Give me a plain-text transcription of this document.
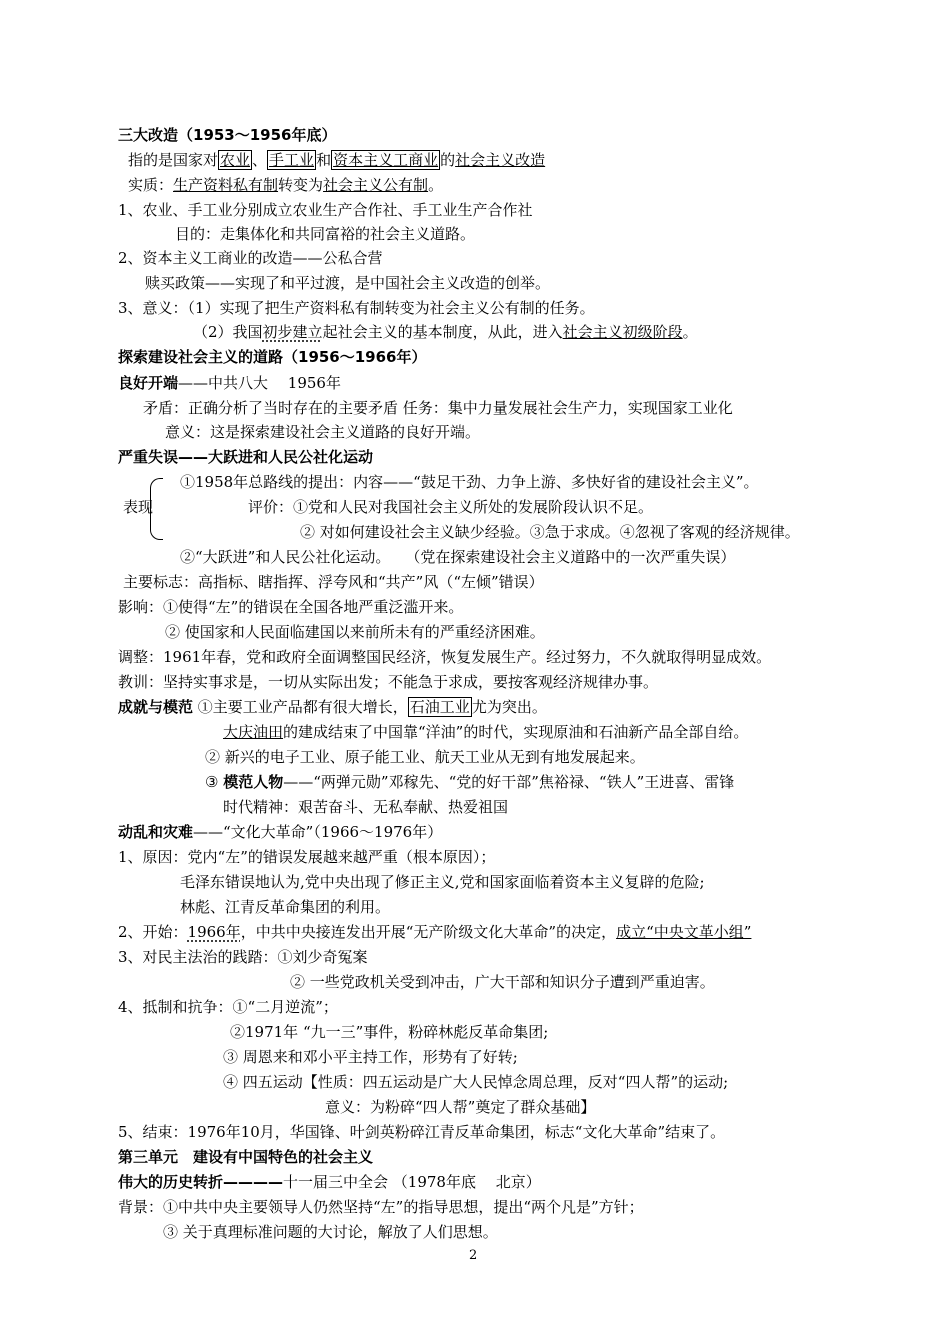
三大改造（1953～1956年底）
指的是国家对 农业 、 手工业 和 资本主义工商业 的社会主义改造
实质：生产资料私有制转变为社会主义公有制。
1、农业、手工业分别成立农业生产合作社、手工业生产合作社
目的：走集体化和共同富裕的社会主义道路。
2、资本主义工商业的改造——公私合营
赎买政策——实现了和平过渡，是中国社会主义改造的创举。
3、意义：（1）实现了把生产资料私有制转变为社会主义公有制的任务。
（2）我国初步建立起社会主义的基本制度，从此，进入社会主义初级阶段。
探索建设社会主义的道路（1956～1966年）
良好开端——中共八大　 1956年
矛盾：正确分析了当时存在的主要矛盾 任务：集中力量发展社会生产力，实现国家工业化
意义：这是探索建设社会主义道路的良好开端。
严重失误——大跃进和人民公社化运动
①1958年总路线的提出：内容——“鼓足干劲、力争上游、多快好省的建设社会主义”。
表现	评价：①党和人民对我国社会主义所处的发展阶段认识不足。
② 对如何建设社会主义缺少经验。③急于求成。④忽视了客观的经济规律。
②“大跃进”和人民公社化运动。　　（党在探索建设社会主义道路中的一次严重失误）
主要标志：高指标、瞎指挥、浮夸风和“共产”风（“左倾”错误）
影响：①使得“左”的错误在全国各地严重泛滥开来。
② 使国家和人民面临建国以来前所未有的严重经济困难。
调整：1961年春，党和政府全面调整国民经济，恢复发展生产。经过努力，不久就取得明显成效。
教训：坚持实事求是，一切从实际出发；不能急于求成，要按客观经济规律办事。
成就与模范 ①主要工业产品都有很大增长， 石油工业 尤为突出。
大庆油田的建成结束了中国靠“洋油”的时代，实现原油和石油新产品全部自给。
② 新兴的电子工业、原子能工业、航天工业从无到有地发展起来。
③ 模范人物——“两弹元勋”邓稼先、“党的好干部”焦裕禄、“铁人”王进喜、雷锋
时代精神：艰苦奋斗、无私奉献、热爱祖国
动乱和灾难——“文化大革命”（1966～1976年）
1、原因：党内“左”的错误发展越来越严重（根本原因）；
毛泽东错误地认为,党中央出现了修正主义,党和国家面临着资本主义复辟的危险;
林彪、江青反革命集团的利用。
2、开始：1966年，中共中央接连发出开展“无产阶级文化大革命”的决定，成立“中央文革小组”
3、对民主法治的践踏：①刘少奇冤案
② 一些党政机关受到冲击，广大干部和知识分子遭到严重迫害。
4、抵制和抗争：①“二月逆流”；
②1971年 “九一三”事件，粉碎林彪反革命集团;
③ 周恩来和邓小平主持工作，形势有了好转;
④ 四五运动【性质：四五运动是广大人民悼念周总理，反对“四人帮”的运动;
意义：为粉碎“四人帮”奠定了群众基础】
5、结束：1976年10月，华国锋、叶剑英粉碎江青反革命集团，标志“文化大革命”结束了。
第三单元　建设有中国特色的社会主义
伟大的历史转折————十一届三中全会 （1978年底　 北京）
背景：①中共中央主要领导人仍然坚持“左”的指导思想，提出“两个凡是”方针；
③ 关于真理标准问题的大讨论，解放了人们思想。
2
